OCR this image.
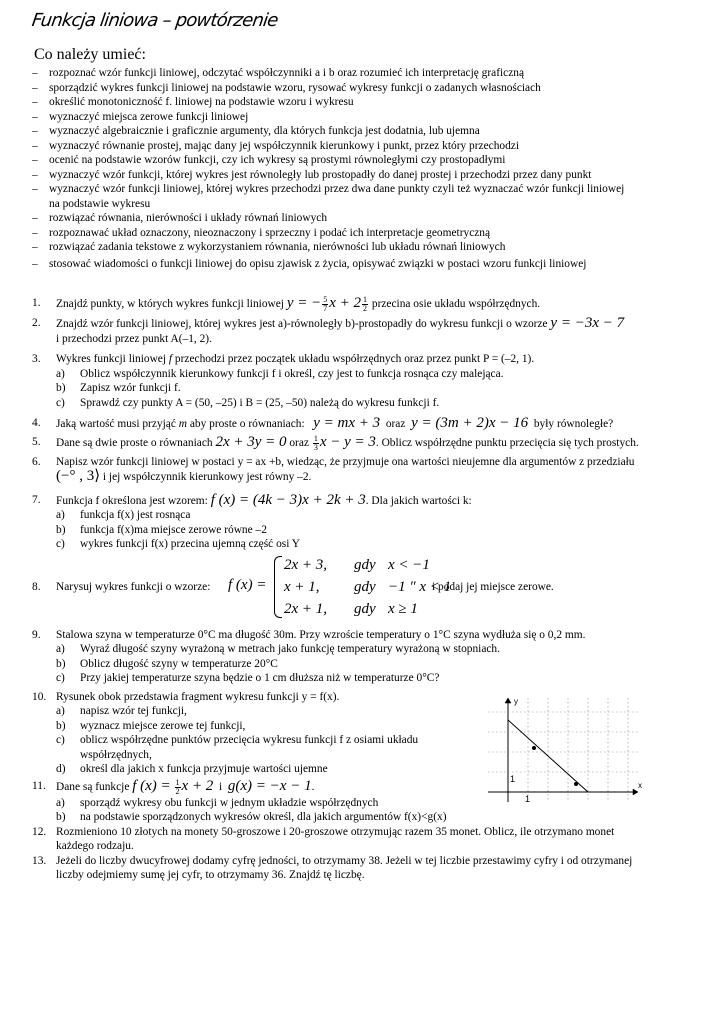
Funkcja liniowa – powtórzenie
Co należy umieć:
– rozpoznać wzór funkcji liniowej, odczytać współczynniki a i b oraz rozumieć ich interpretację graficzną
– sporządzić wykres funkcji liniowej na podstawie wzoru, rysować wykresy funkcji o zadanych własnościach
– określić monotoniczność f. liniowej na podstawie wzoru i wykresu
– wyznaczyć miejsca zerowe funkcji liniowej
– wyznaczyć algebraicznie i graficznie argumenty, dla których funkcja jest dodatnia, lub ujemna
– wyznaczyć równanie prostej, mając dany jej współczynnik kierunkowy i punkt, przez który przechodzi
– ocenić na podstawie wzorów funkcji, czy ich wykresy są prostymi równoległymi czy prostopadłymi
– wyznaczyć wzór funkcji, której wykres jest równoległy lub prostopadły do danej prostej i przechodzi przez dany punkt
– wyznaczyć wzór funkcji liniowej, której wykres przechodzi przez dwa dane punkty czyli też wyznaczać wzór funkcji liniowej
na podstawie wykresu
– rozwiązać równania, nierówności i układy równań liniowych
– rozpoznawać układ oznaczony, nieoznaczony i sprzeczny i podać ich interpretacje geometryczną
– rozwiązać zadania tekstowe z wykorzystaniem równania, nierówności lub układu równań liniowych
– stosować wiadomości o funkcji liniowej do opisu zjawisk z życia, opisywać związki w postaci wzoru funkcji liniowej
1. Znajdź punkty, w których wykres funkcji liniowej y = − $\frac{5}{7}$ $x + 2 \frac{1}{2}$ przecina osie układu współrzędnych.
2. Znajdź wzór funkcji liniowej, której wykres jest a)-równoległy b)-prostopadły do wykresu funkcji o wzorze y = −3x − 7
i przechodzi przez punkt A(–1, 2).
3. Wykres funkcji liniowej f przechodzi przez początek układu współrzędnych oraz przez punkt P = (–2, 1).
a) Oblicz współczynnik kierunkowy funkcji f i określ, czy jest to funkcja rosnąca czy malejąca.
b) Zapisz wzór funkcji f.
c) Sprawdź czy punkty A = (50, –25) i B = (25, –50) należą do wykresu funkcji f.
4. Jaką wartość musi przyjąć m aby proste o równaniach: y = mx + 3 oraz y = (3m + 2)x − 16 były równoległe?
5. Dane są dwie proste o równaniach 2x + 3y = 0 oraz $\frac{1}{3}$ x − y = 3. Oblicz współrzędne punktu przecięcia się tych prostych.
6. Napisz wzór funkcji liniowej w postaci y = ax +b, wiedząc, że przyjmuje ona wartości nieujemne dla argumentów z przedziału
(−° , 3⟩ i jej współczynnik kierunkowy jest równy –2.
7. Funkcja f określona jest wzorem: f (x) = (4k − 3)x + 2k + 3. Dla jakich wartości k:
a) funkcja f(x) jest rosnąca
b) funkcja f(x)ma miejsce zerowe równe –2
c) wykres funkcji f(x) przecina ujemną część osi Y
8. Narysuj wykres funkcji o wzorze: f (x) =
2x + 3, gdy x < −1
x + 1, gdy −1 ″ x < 1
2x + 1, gdy x ≥ 1
i podaj jej miejsce zerowe.
9. Stalowa szyna w temperaturze 0°C ma długość 30m. Przy wzroście temperatury o 1°C szyna wydłuża się o 0,2 mm.
a) Wyraź długość szyny wyrażoną w metrach jako funkcję temperatury wyrażoną w stopniach.
b) Oblicz długość szyny w temperaturze 20°C
c) Przy jakiej temperaturze szyna będzie o 1 cm dłuższa niż w temperaturze 0°C?
10. Rysunek obok przedstawia fragment wykresu funkcji y = f(x).
a) napisz wzór tej funkcji,
b) wyznacz miejsce zerowe tej funkcji,
c) oblicz współrzędne punktów przecięcia wykresu funkcji f z osiami układu
współrzędnych,
d) określ dla jakich x funkcja przyjmuje wartości ujemne
11. Dane są funkcje f $(x) = \frac{1}{2}$ x + 2 i g(x) = −x − 1.
a) sporządź wykresy obu funkcji w jednym układzie współrzędnych
b) na podstawie sporządzonych wykresów określ, dla jakich argumentów f(x)<g(x)
12. Rozmieniono 10 złotych na monety 50-groszowe i 20-groszowe otrzymując razem 35 monet. Oblicz, ile otrzymano monet
każdego rodzaju.
13. Jeżeli do liczby dwucyfrowej dodamy cyfrę jedności, to otrzymamy 38. Jeżeli w tej liczbie przestawimy cyfry i od otrzymanej
liczby odejmiemy sumę jej cyfr, to otrzymamy 36. Znajdź tę liczbę.
y
x
1
1
